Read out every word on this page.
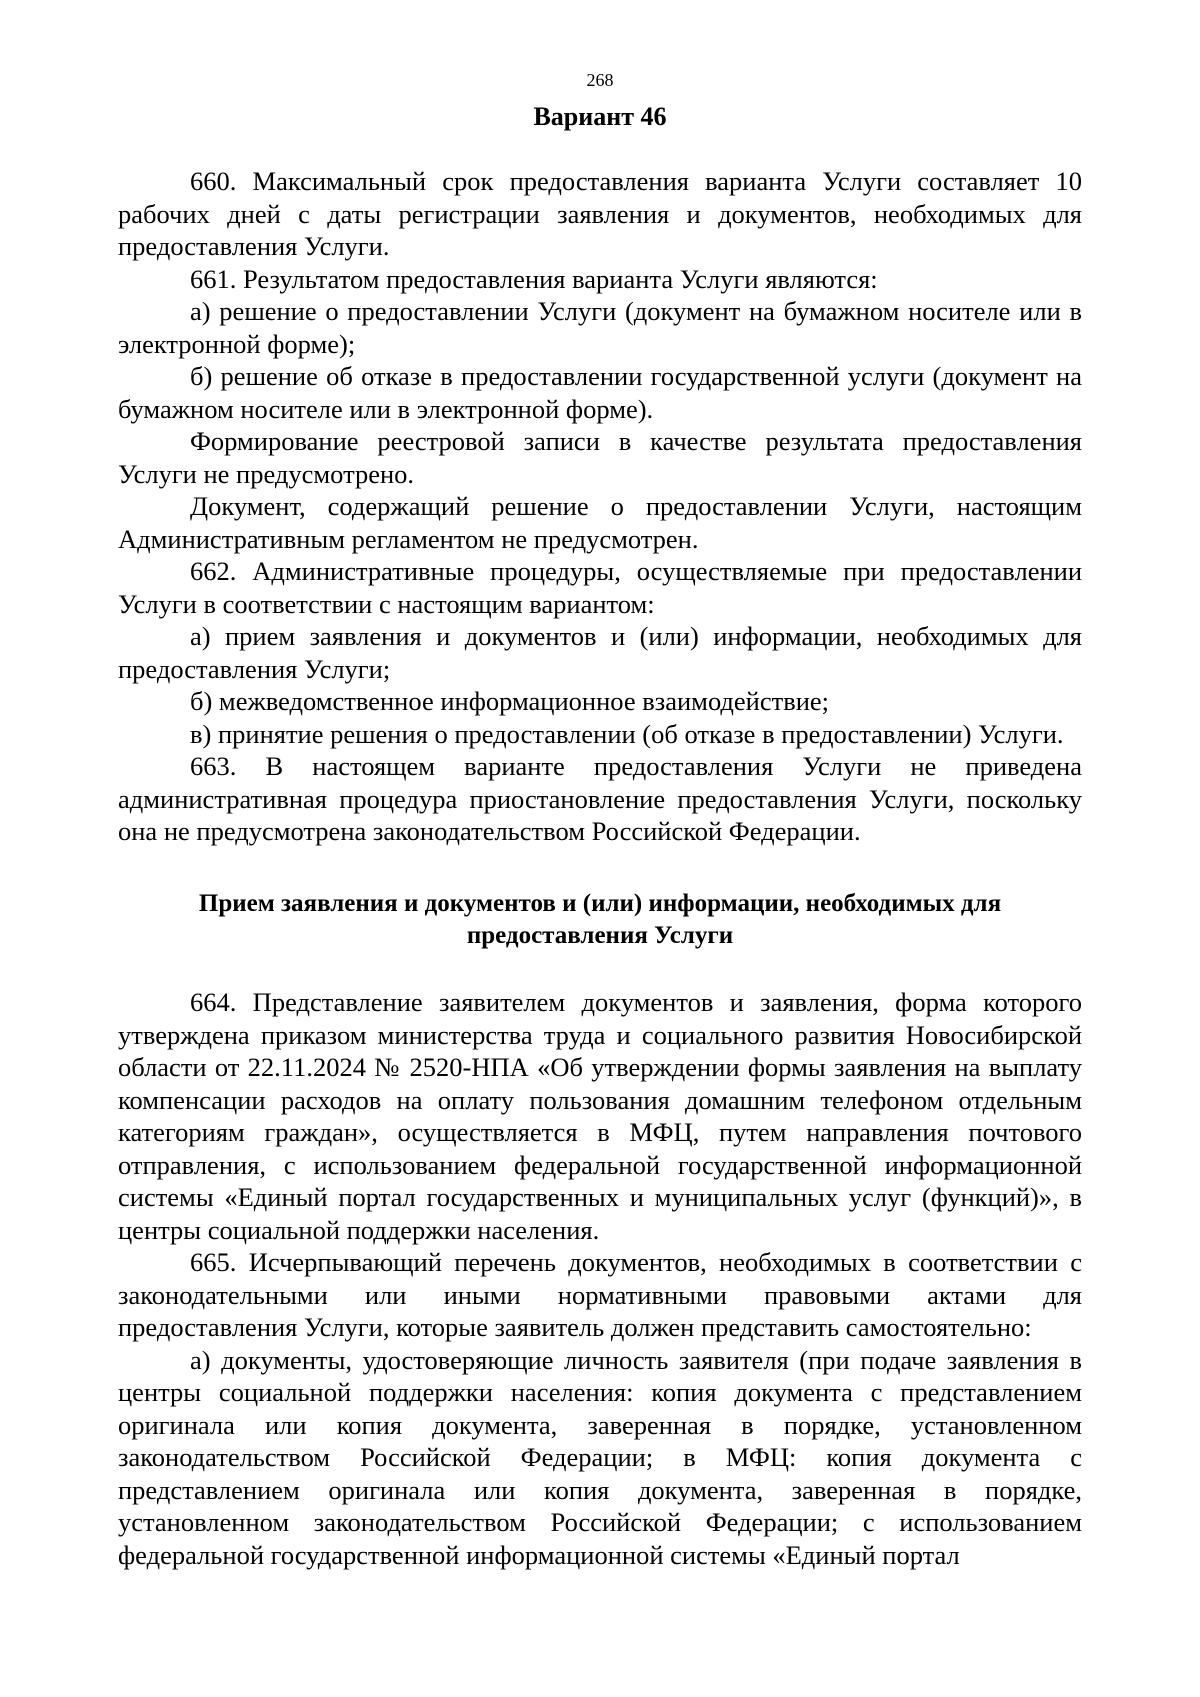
268
Вариант 46

660. Максимальный срок предоставления варианта Услуги составляет 10 рабочих дней с даты регистрации заявления и документов, необходимых для предоставления Услуги.

661. Результатом предоставления варианта Услуги являются:

а) решение о предоставлении Услуги (документ на бумажном носителе или в электронной форме);

б) решение об отказе в предоставлении государственной услуги (документ на бумажном носителе или в электронной форме).

Формирование реестровой записи в качестве результата предоставления Услуги не предусмотрено.

Документ, содержащий решение о предоставлении Услуги, настоящим Административным регламентом не предусмотрен.

662. Административные процедуры, осуществляемые при предоставлении Услуги в соответствии с настоящим вариантом:

а) прием заявления и документов и (или) информации, необходимых для предоставления Услуги;

б) межведомственное информационное взаимодействие;

в) принятие решения о предоставлении (об отказе в предоставлении) Услуги.

663. В настоящем варианте предоставления Услуги не приведена административная процедура приостановление предоставления Услуги, поскольку она не предусмотрена законодательством Российской Федерации.

Прием заявления и документов и (или) информации, необходимых для
предоставления Услуги

664. Представление заявителем документов и заявления, форма которого утверждена приказом министерства труда и социального развития Новосибирской области от 22.11.2024 № 2520-НПА «Об утверждении формы заявления на выплату компенсации расходов на оплату пользования домашним телефоном отдельным категориям граждан», осуществляется в МФЦ, путем направления почтового отправления, с использованием федеральной государственной информационной системы «Единый портал государственных и муниципальных услуг (функций)», в центры социальной поддержки населения.

665. Исчерпывающий перечень документов, необходимых в соответствии с законодательными или иными нормативными правовыми актами для предоставления Услуги, которые заявитель должен представить самостоятельно:

а) документы, удостоверяющие личность заявителя (при подаче заявления в центры социальной поддержки населения: копия документа с представлением оригинала или копия документа, заверенная в порядке, установленном законодательством Российской Федерации; в МФЦ: копия документа с представлением оригинала или копия документа, заверенная в порядке, установленном законодательством Российской Федерации; с использованием федеральной государственной информационной системы «Единый портал
